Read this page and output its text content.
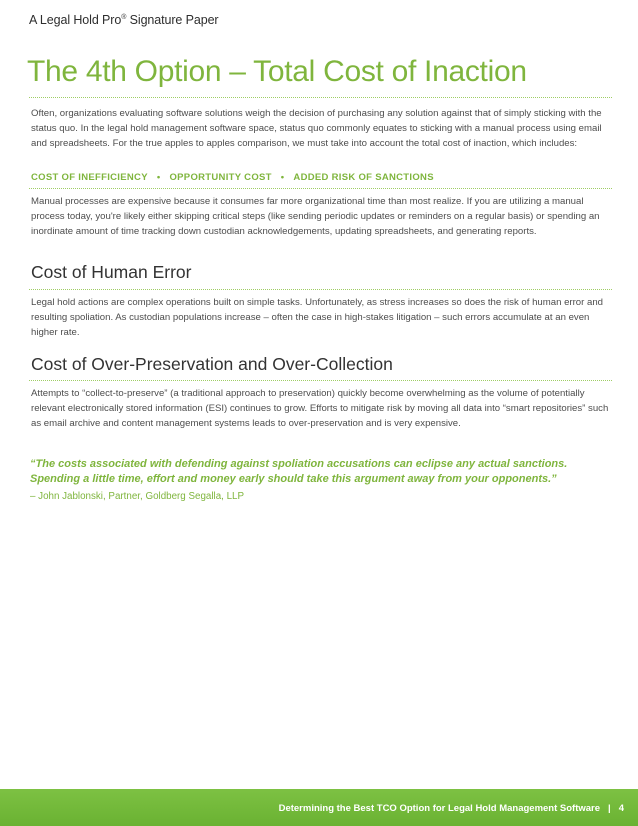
A Legal Hold Pro® Signature Paper
The 4th Option – Total Cost of Inaction

Often, organizations evaluating software solutions weigh the decision of purchasing any solution against that of simply sticking with the status quo. In the legal hold management software space, status quo commonly equates to sticking with a manual process using email and spreadsheets. For the true apples to apples comparison, we must take into account the total cost of inaction, which includes:

COST OF INEFFICIENCY • OPPORTUNITY COST • ADDED RISK OF SANCTIONS

Manual processes are expensive because it consumes far more organizational time than most realize. If you are utilizing a manual process today, you're likely either skipping critical steps (like sending periodic updates or reminders on a regular basis) or spending an inordinate amount of time tracking down custodian acknowledgements, updating spreadsheets, and generating reports.

Cost of Human Error

Legal hold actions are complex operations built on simple tasks. Unfortunately, as stress increases so does the risk of human error and resulting spoliation. As custodian populations increase – often the case in high-stakes litigation – such errors accumulate at an even higher rate.

Cost of Over-Preservation and Over-Collection

Attempts to “collect-to-preserve” (a traditional approach to preservation) quickly become overwhelming as the volume of potentially relevant electronically stored information (ESI) continues to grow. Efforts to mitigate risk by moving all data into “smart repositories” such as email archive and content management systems leads to over-preservation and is very expensive.

“The costs associated with defending against spoliation accusations can eclipse any actual sanctions. Spending a little time, effort and money early should take this argument away from your opponents.”

– John Jablonski, Partner, Goldberg Segalla, LLP
Determining the Best TCO Option for Legal Hold Management Software | 4
